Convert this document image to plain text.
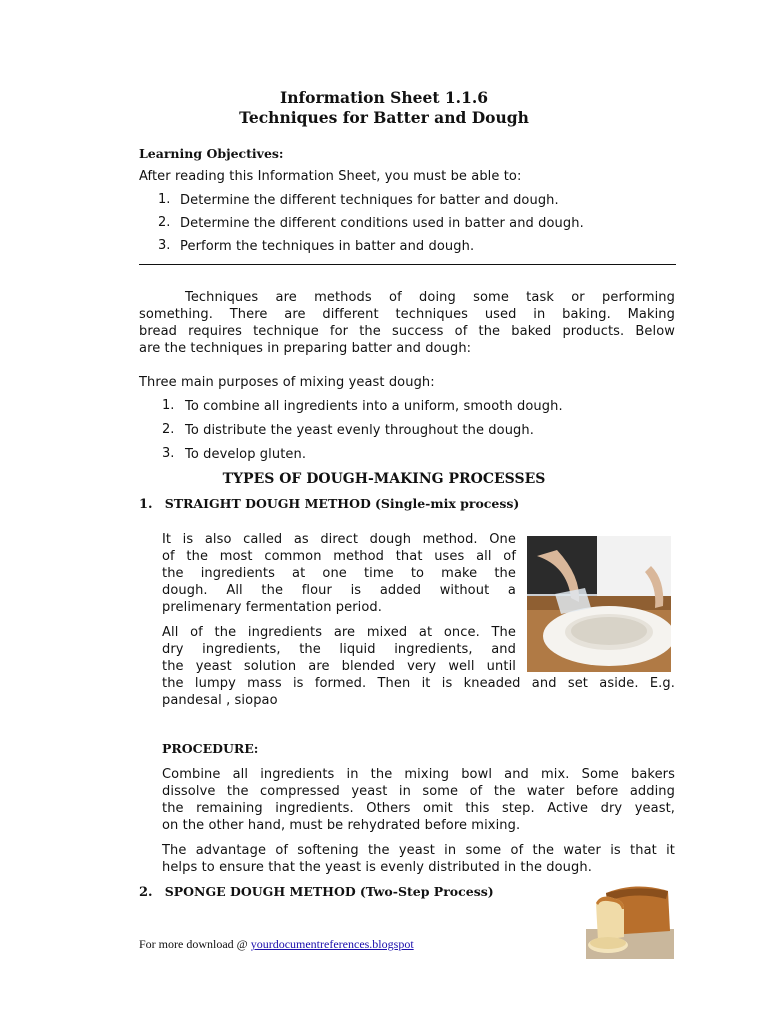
Information Sheet 1.1.6
Techniques for Batter and Dough
Learning Objectives:
After reading this Information Sheet, you must be able to:
1. Determine the different techniques for batter and dough.
2. Determine the different conditions used in batter and dough.
3. Perform the techniques in batter and dough.
Techniques are methods of doing some task or performing
something. There are different techniques used in baking. Making
bread requires technique for the success of the baked products. Below
are the techniques in preparing batter and dough:
Three main purposes of mixing yeast dough:
1. To combine all ingredients into a uniform, smooth dough.
2. To distribute the yeast evenly throughout the dough.
3. To develop gluten.
TYPES OF DOUGH-MAKING PROCESSES
1. STRAIGHT DOUGH METHOD (Single-mix process)
It is also called as direct dough method. One
of the most common method that uses all of
the ingredients at one time to make the
dough. All the flour is added without a
prelimenary fermentation period.
All of the ingredients are mixed at once. The
dry ingredients, the liquid ingredients, and
the yeast solution are blended very well until
the lumpy mass is formed. Then it is kneaded and set aside. E.g.
pandesal , siopao
PROCEDURE:
Combine all ingredients in the mixing bowl and mix. Some bakers
dissolve the compressed yeast in some of the water before adding
the remaining ingredients. Others omit this step. Active dry yeast,
on the other hand, must be rehydrated before mixing.
The advantage of softening the yeast in some of the water is that it
helps to ensure that the yeast is evenly distributed in the dough.
2. SPONGE DOUGH METHOD (Two-Step Process)
For more download @ yourdocumentreferences.blogspot
